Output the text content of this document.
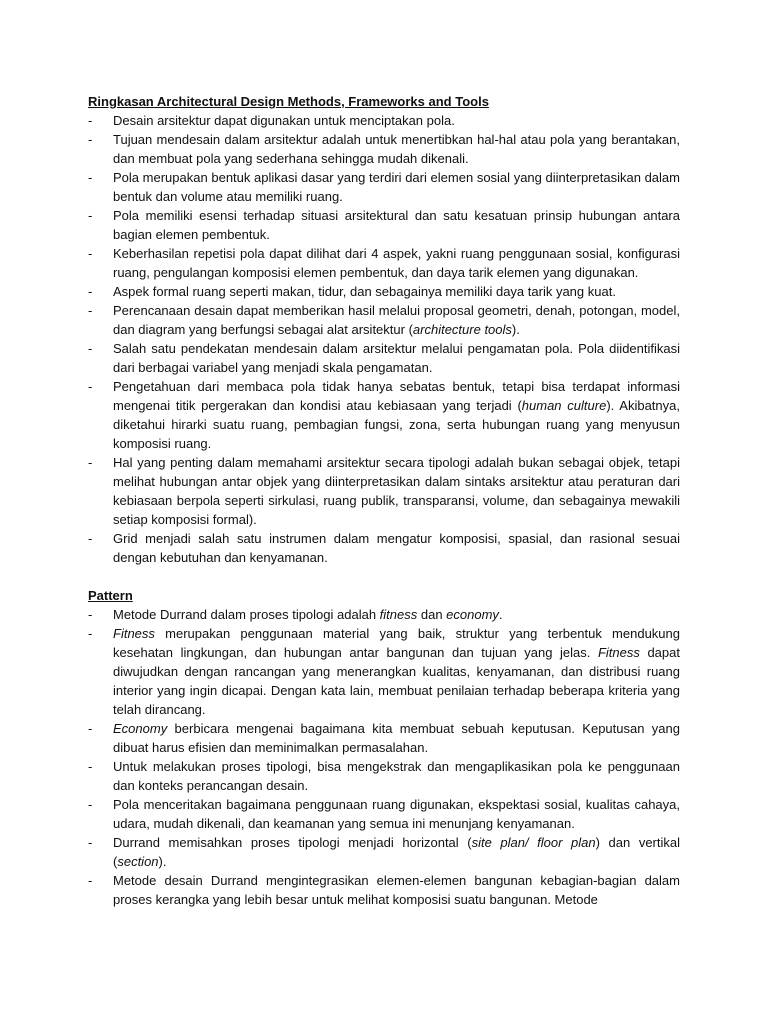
Ringkasan Architectural Design Methods, Frameworks and Tools

- Desain arsitektur dapat digunakan untuk menciptakan pola.
- Tujuan mendesain dalam arsitektur adalah untuk menertibkan hal-hal atau pola yang berantakan, dan membuat pola yang sederhana sehingga mudah dikenali.
- Pola merupakan bentuk aplikasi dasar yang terdiri dari elemen sosial yang diinterpretasikan dalam bentuk dan volume atau memiliki ruang.
- Pola memiliki esensi terhadap situasi arsitektural dan satu kesatuan prinsip hubungan antara bagian elemen pembentuk.
- Keberhasilan repetisi pola dapat dilihat dari 4 aspek, yakni ruang penggunaan sosial, konfigurasi ruang, pengulangan komposisi elemen pembentuk, dan daya tarik elemen yang digunakan.
- Aspek formal ruang seperti makan, tidur, dan sebagainya memiliki daya tarik yang kuat.
- Perencanaan desain dapat memberikan hasil melalui proposal geometri, denah, potongan, model, dan diagram yang berfungsi sebagai alat arsitektur (architecture tools).
- Salah satu pendekatan mendesain dalam arsitektur melalui pengamatan pola. Pola diidentifikasi dari berbagai variabel yang menjadi skala pengamatan.
- Pengetahuan dari membaca pola tidak hanya sebatas bentuk, tetapi bisa terdapat informasi mengenai titik pergerakan dan kondisi atau kebiasaan yang terjadi (human culture). Akibatnya, diketahui hirarki suatu ruang, pembagian fungsi, zona, serta hubungan ruang yang menyusun komposisi ruang.
- Hal yang penting dalam memahami arsitektur secara tipologi adalah bukan sebagai objek, tetapi melihat hubungan antar objek yang diinterpretasikan dalam sintaks arsitektur atau peraturan dari kebiasaan berpola seperti sirkulasi, ruang publik, transparansi, volume, dan sebagainya mewakili setiap komposisi formal).
- Grid menjadi salah satu instrumen dalam mengatur komposisi, spasial, dan rasional sesuai dengan kebutuhan dan kenyamanan.

Pattern

- Metode Durrand dalam proses tipologi adalah fitness dan economy.
- Fitness merupakan penggunaan material yang baik, struktur yang terbentuk mendukung kesehatan lingkungan, dan hubungan antar bangunan dan tujuan yang jelas. Fitness dapat diwujudkan dengan rancangan yang menerangkan kualitas, kenyamanan, dan distribusi ruang interior yang ingin dicapai. Dengan kata lain, membuat penilaian terhadap beberapa kriteria yang telah dirancang.
- Economy berbicara mengenai bagaimana kita membuat sebuah keputusan. Keputusan yang dibuat harus efisien dan meminimalkan permasalahan.
- Untuk melakukan proses tipologi, bisa mengekstrak dan mengaplikasikan pola ke penggunaan dan konteks perancangan desain.
- Pola menceritakan bagaimana penggunaan ruang digunakan, ekspektasi sosial, kualitas cahaya, udara, mudah dikenali, dan keamanan yang semua ini menunjang kenyamanan.
- Durrand memisahkan proses tipologi menjadi horizontal (site plan/ floor plan) dan vertikal (section).
- Metode desain Durrand mengintegrasikan elemen-elemen bangunan kebagian-bagian dalam proses kerangka yang lebih besar untuk melihat komposisi suatu bangunan. Metode
